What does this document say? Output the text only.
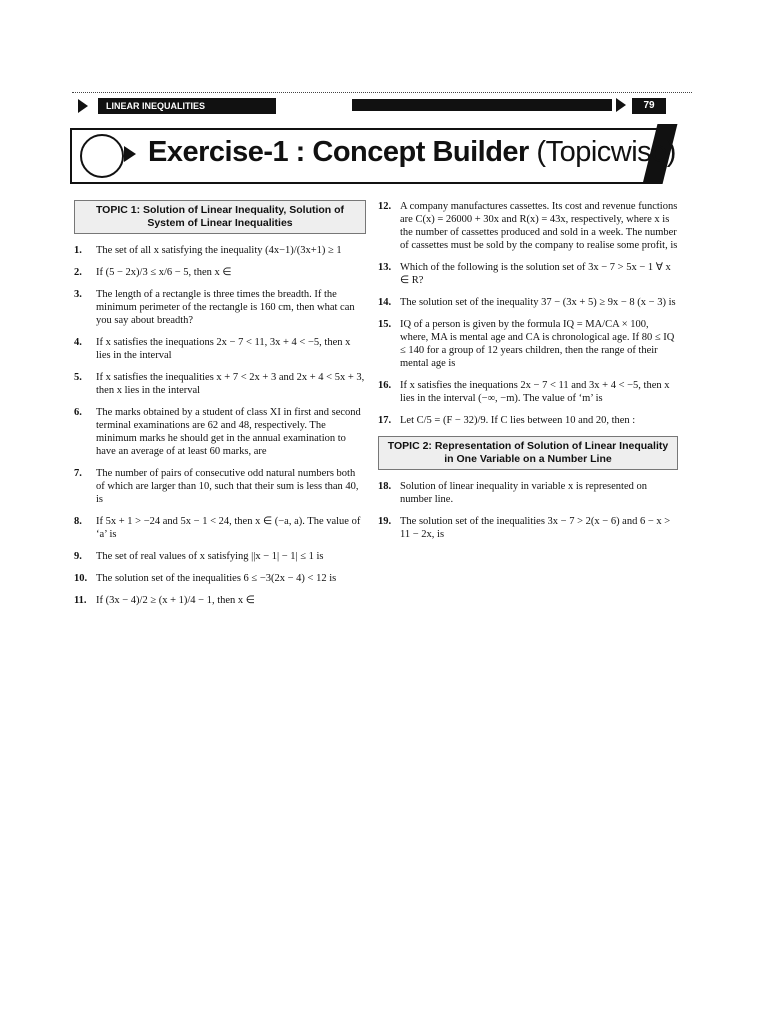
LINEAR INEQUALITIES	79
Exercise-1 : Concept Builder (Topicwise)
TOPIC 1: Solution of Linear Inequality, Solution of System of Linear Inequalities
1.	The set of all x satisfying the inequality (4x−1)/(3x+1) ≥ 1
2.	If (5 − 2x)/3 ≤ x/6 − 5, then x ∈
3.	The length of a rectangle is three times the breadth. If the minimum perimeter of the rectangle is 160 cm, then what can you say about breadth?
4.	If x satisfies the inequations 2x − 7 < 11, 3x + 4 < −5, then x lies in the interval
5.	If x satisfies the inequalities x + 7 < 2x + 3 and 2x + 4 < 5x + 3, then x lies in the interval
6.	The marks obtained by a student of class XI in first and second terminal examinations are 62 and 48, respectively. The minimum marks he should get in the annual examination to have an average of at least 60 marks, are
7.	The number of pairs of consecutive odd natural numbers both of which are larger than 10, such that their sum is less than 40, is
8.	If 5x + 1 > −24 and 5x − 1 < 24, then x ∈ (−a, a). The value of ‘a’ is
9.	The set of real values of x satisfying ||x − 1| − 1| ≤ 1 is
10. The solution set of the inequalities 6 ≤ −3(2x − 4) < 12 is
11. If (3x − 4)/2 ≥ (x + 1)/4 − 1, then x ∈
12. A company manufactures cassettes. Its cost and revenue functions are C(x) = 26000 + 30x and R(x) = 43x, respectively, where x is the number of cassettes produced and sold in a week. The number of cassettes must be sold by the company to realise some profit, is
13. Which of the following is the solution set of 3x − 7 > 5x − 1 ∀ x ∈ R?
14. The solution set of the inequality 37 − (3x + 5) ≥ 9x − 8 (x − 3) is
15. IQ of a person is given by the formula IQ = MA/CA × 100, where, MA is mental age and CA is chronological age. If 80 ≤ IQ ≤ 140 for a group of 12 years children, then the range of their mental age is
16. If x satisfies the inequations 2x − 7 < 11 and 3x + 4 < −5, then x lies in the interval (−∞, −m). The value of ‘m’ is
17. Let C/5 = (F − 32)/9. If C lies between 10 and 20, then :
TOPIC 2: Representation of Solution of Linear Inequality in One Variable on a Number Line
18. Solution of linear inequality in variable x is represented on number line.
19. The solution set of the inequalities 3x − 7 > 2(x − 6) and 6 − x > 11 − 2x, is
